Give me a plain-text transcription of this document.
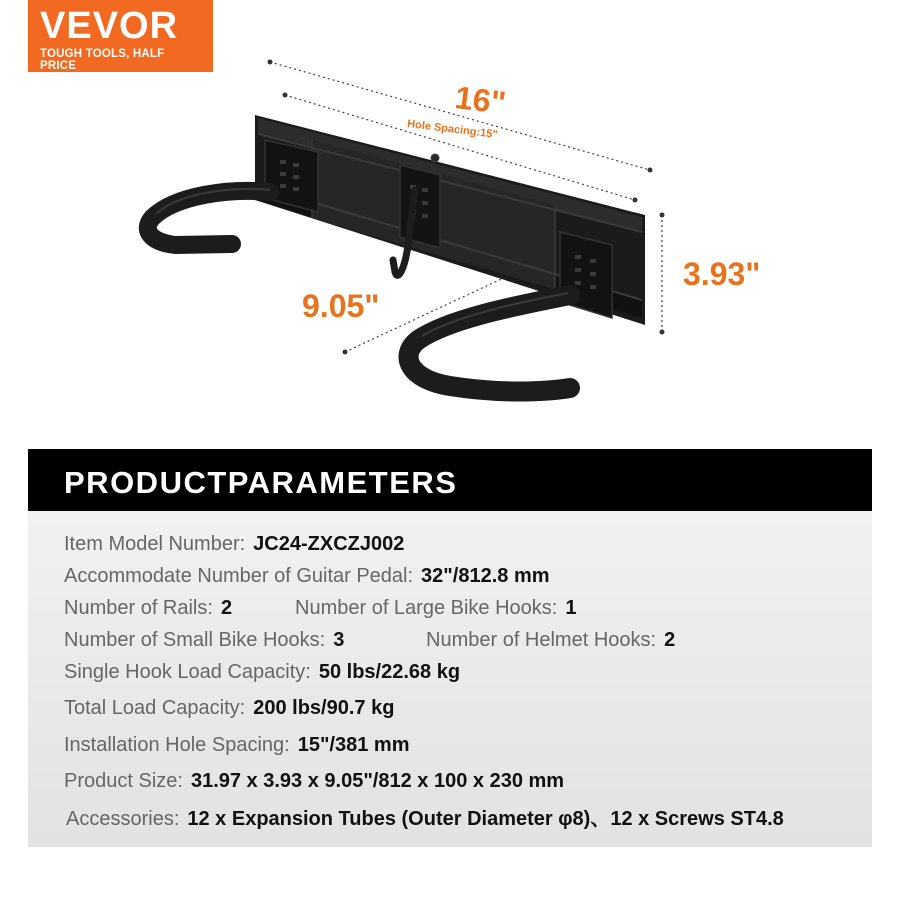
VEVOR
TOUGH TOOLS, HALF PRICE
16"
Hole Spacing:15"
3.93"
9.05"
PRODUCTPARAMETERS
Item Model Number: JC24-ZXCZJ002
Accommodate Number of Guitar Pedal: 32"/812.8 mm
Number of Rails: 2	Number of Large Bike Hooks: 1
Number of Small Bike Hooks: 3	Number of Helmet Hooks: 2
Single Hook Load Capacity: 50 lbs/22.68 kg
Total Load Capacity: 200 lbs/90.7 kg
Installation Hole Spacing: 15"/381 mm
Product Size: 31.97 x 3.93 x 9.05"/812 x 100 x 230 mm
Accessories: 12 x Expansion Tubes (Outer Diameter φ8)、12 x Screws ST4.8
